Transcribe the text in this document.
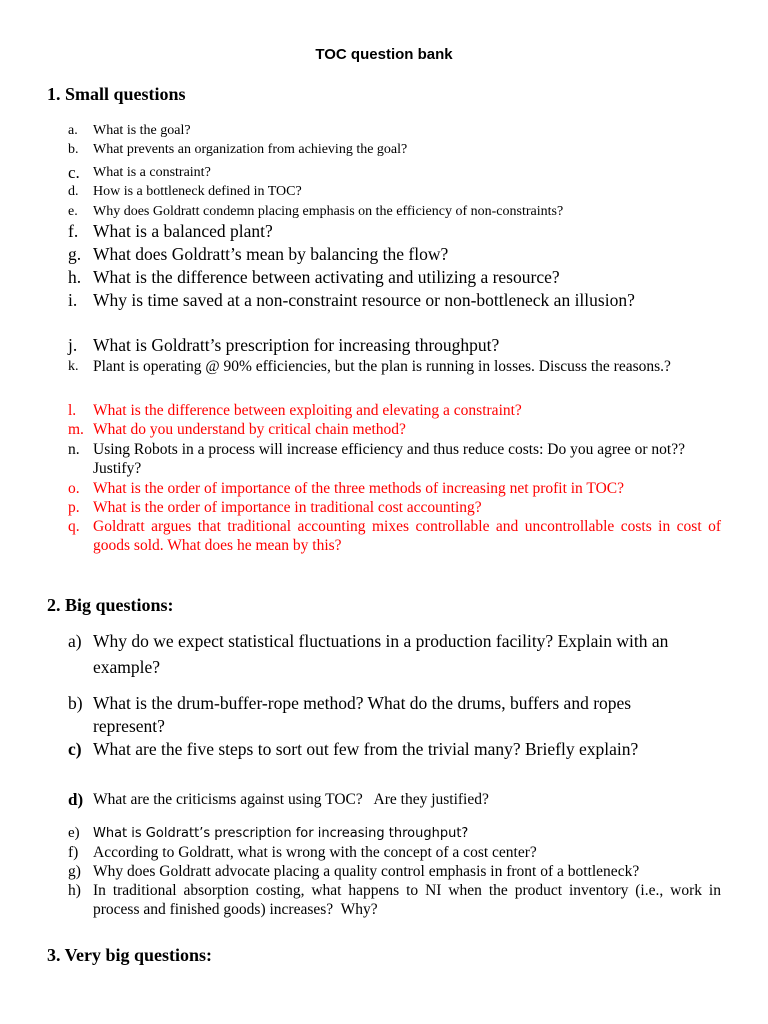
TOC question bank
1. Small questions
a. What is the goal?
b. What prevents an organization from achieving the goal?
c. What is a constraint?
d. How is a bottleneck defined in TOC?
e. Why does Goldratt condemn placing emphasis on the efficiency of non-constraints?
f. What is a balanced plant?
g. What does Goldratt’s mean by balancing the flow?
h. What is the difference between activating and utilizing a resource?
i. Why is time saved at a non-constraint resource or non-bottleneck an illusion?
j. What is Goldratt’s prescription for increasing throughput?
k. Plant is operating @ 90% efficiencies, but the plan is running in losses. Discuss the reasons.?
l. What is the difference between exploiting and elevating a constraint?
m. What do you understand by critical chain method?
n. Using Robots in a process will increase efficiency and thus reduce costs: Do you agree or not?? Justify?
o. What is the order of importance of the three methods of increasing net profit in TOC?
p. What is the order of importance in traditional cost accounting?
q. Goldratt argues that traditional accounting mixes controllable and uncontrollable costs in cost of goods sold. What does he mean by this?
2. Big questions:
a) Why do we expect statistical fluctuations in a production facility? Explain with an example?
b) What is the drum-buffer-rope method? What do the drums, buffers and ropes represent?
c) What are the five steps to sort out few from the trivial many? Briefly explain?
d) What are the criticisms against using TOC?   Are they justified?
e) What is Goldratt’s prescription for increasing throughput?
f) According to Goldratt, what is wrong with the concept of a cost center?
g) Why does Goldratt advocate placing a quality control emphasis in front of a bottleneck?
h) In traditional absorption costing, what happens to NI when the product inventory (i.e., work in process and finished goods) increases?  Why?
3. Very big questions:
